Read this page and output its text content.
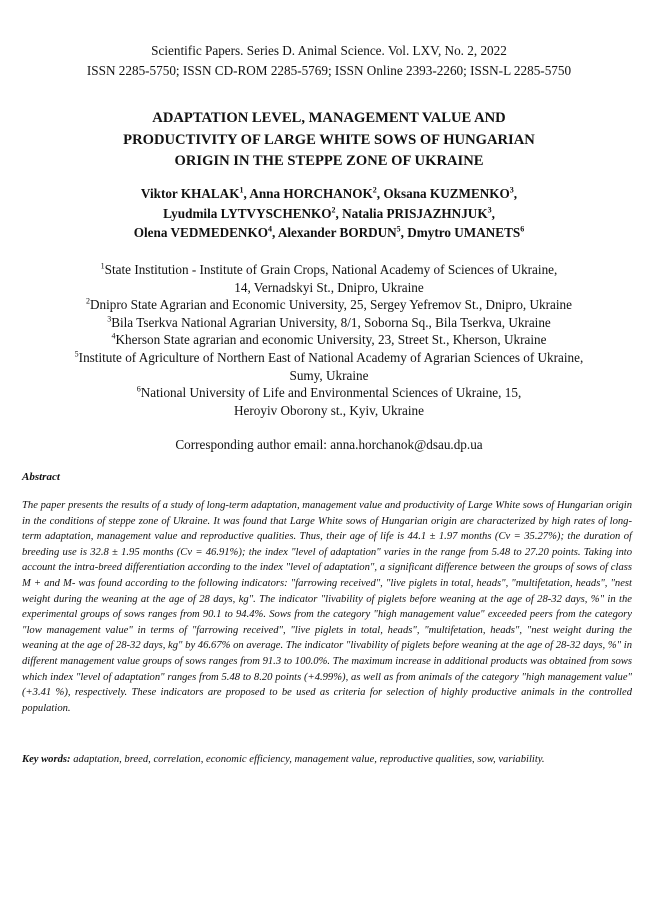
Scientific Papers. Series D. Animal Science. Vol. LXV, No. 2, 2022
ISSN 2285-5750; ISSN CD-ROM 2285-5769; ISSN Online 2393-2260; ISSN-L 2285-5750
ADAPTATION LEVEL, MANAGEMENT VALUE AND
PRODUCTIVITY OF LARGE WHITE SOWS OF HUNGARIAN
ORIGIN IN THE STEPPE ZONE OF UKRAINE
Viktor KHALAK$^1$, Anna HORCHANOK$^2$, Oksana KUZMENKO$^3$,
Lyudmila LYTVYSCHENKO$^2$, Natalia PRISJAZHNJUK$^3$,
Olena VEDMEDENKO$^4$, Alexander BORDUN$^5$, Dmytro UMANETS$^6$
$^1$State Institution - Institute of Grain Crops, National Academy of Sciences of Ukraine,
14, Vernadskyi St., Dnipro, Ukraine
$^2$Dnipro State Agrarian and Economic University, 25, Sergey Yefremov St., Dnipro, Ukraine
$^3$Bila Tserkva National Agrarian University, 8/1, Soborna Sq., Bila Tserkva, Ukraine
$^4$Kherson State agrarian and economic University, 23, Street St., Kherson, Ukraine
$^5$Institute of Agriculture of Northern East of National Academy of Agrarian Sciences of Ukraine,
Sumy, Ukraine
$^6$National University of Life and Environmental Sciences of Ukraine, 15,
Heroyiv Oborony st., Kyiv, Ukraine
Corresponding author email: anna.horchanok@dsau.dp.ua
Abstract
The paper presents the results of a study of long-term adaptation, management value and productivity of Large White sows of Hungarian origin in the conditions of steppe zone of Ukraine. It was found that Large White sows of Hungarian origin are characterized by high rates of long-term adaptation, management value and reproductive qualities. Thus, their age of life is 44.1 ± 1.97 months (Cv = 35.27%); the duration of breeding use is 32.8 ± 1.95 months (Cv = 46.91%); the index "level of adaptation" varies in the range from 5.48 to 27.20 points. Taking into account the intra-breed differentiation according to the index "level of adaptation", a significant difference between the groups of sows of class M + and M- was found according to the following indicators: "farrowing received", "live piglets in total, heads", "multifetation, heads", "nest weight during the weaning at the age of 28 days, kg". The indicator "livability of piglets before weaning at the age of 28-32 days, %" in the experimental groups of sows ranges from 90.1 to 94.4%. Sows from the category "high management value" exceeded peers from the category "low management value" in terms of "farrowing received", "live piglets in total, heads", "multifetation, heads", "nest weight during the weaning at the age of 28-32 days, kg" by 46.67% on average. The indicator "livability of piglets before weaning at the age of 28-32 days, %" in different management value groups of sows ranges from 91.3 to 100.0%. The maximum increase in additional products was obtained from sows which index "level of adaptation" ranges from 5.48 to 8.20 points (+4.99%), as well as from animals of the category "high management value" (+3.41 %), respectively. These indicators are proposed to be used as criteria for selection of highly productive animals in the controlled population.
Key words: adaptation, breed, correlation, economic efficiency, management value, reproductive qualities, sow, variability.
